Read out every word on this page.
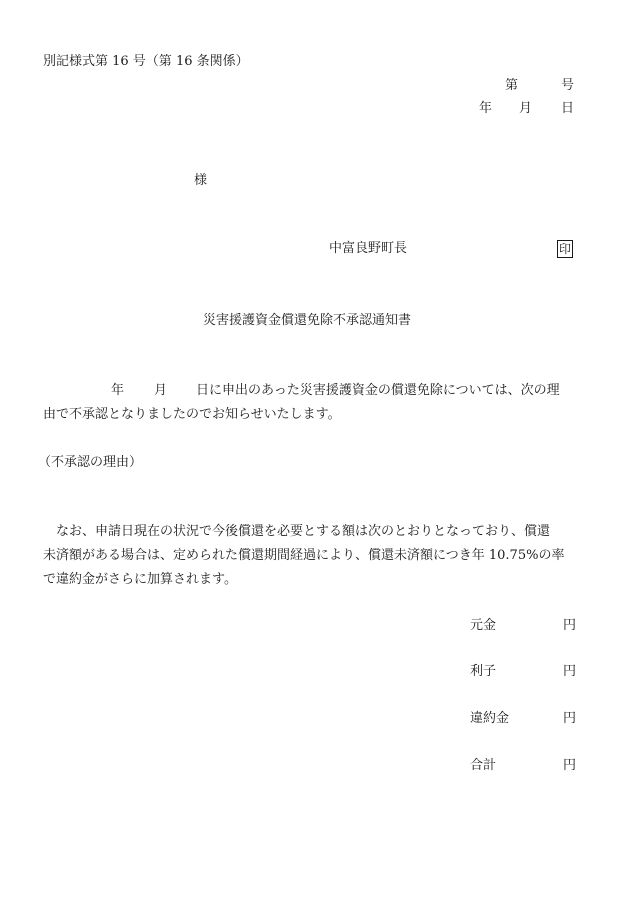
別記様式第 16 号（第 16 条関係）
第	号
年 月 日
様
中富良野町長	印
災害援護資金償還免除不承認通知書
年 月 日に申出のあった災害援護資金の償還免除については、次の理
由で不承認となりましたのでお知らせいたします。
（不承認の理由）
　なお、申請日現在の状況で今後償還を必要とする額は次のとおりとなっており、償還
未済額がある場合は、定められた償還期間経過により、償還未済額につき年 10.75%の率
で違約金がさらに加算されます。
元金	円
利子	円
違約金	円
合計	円
